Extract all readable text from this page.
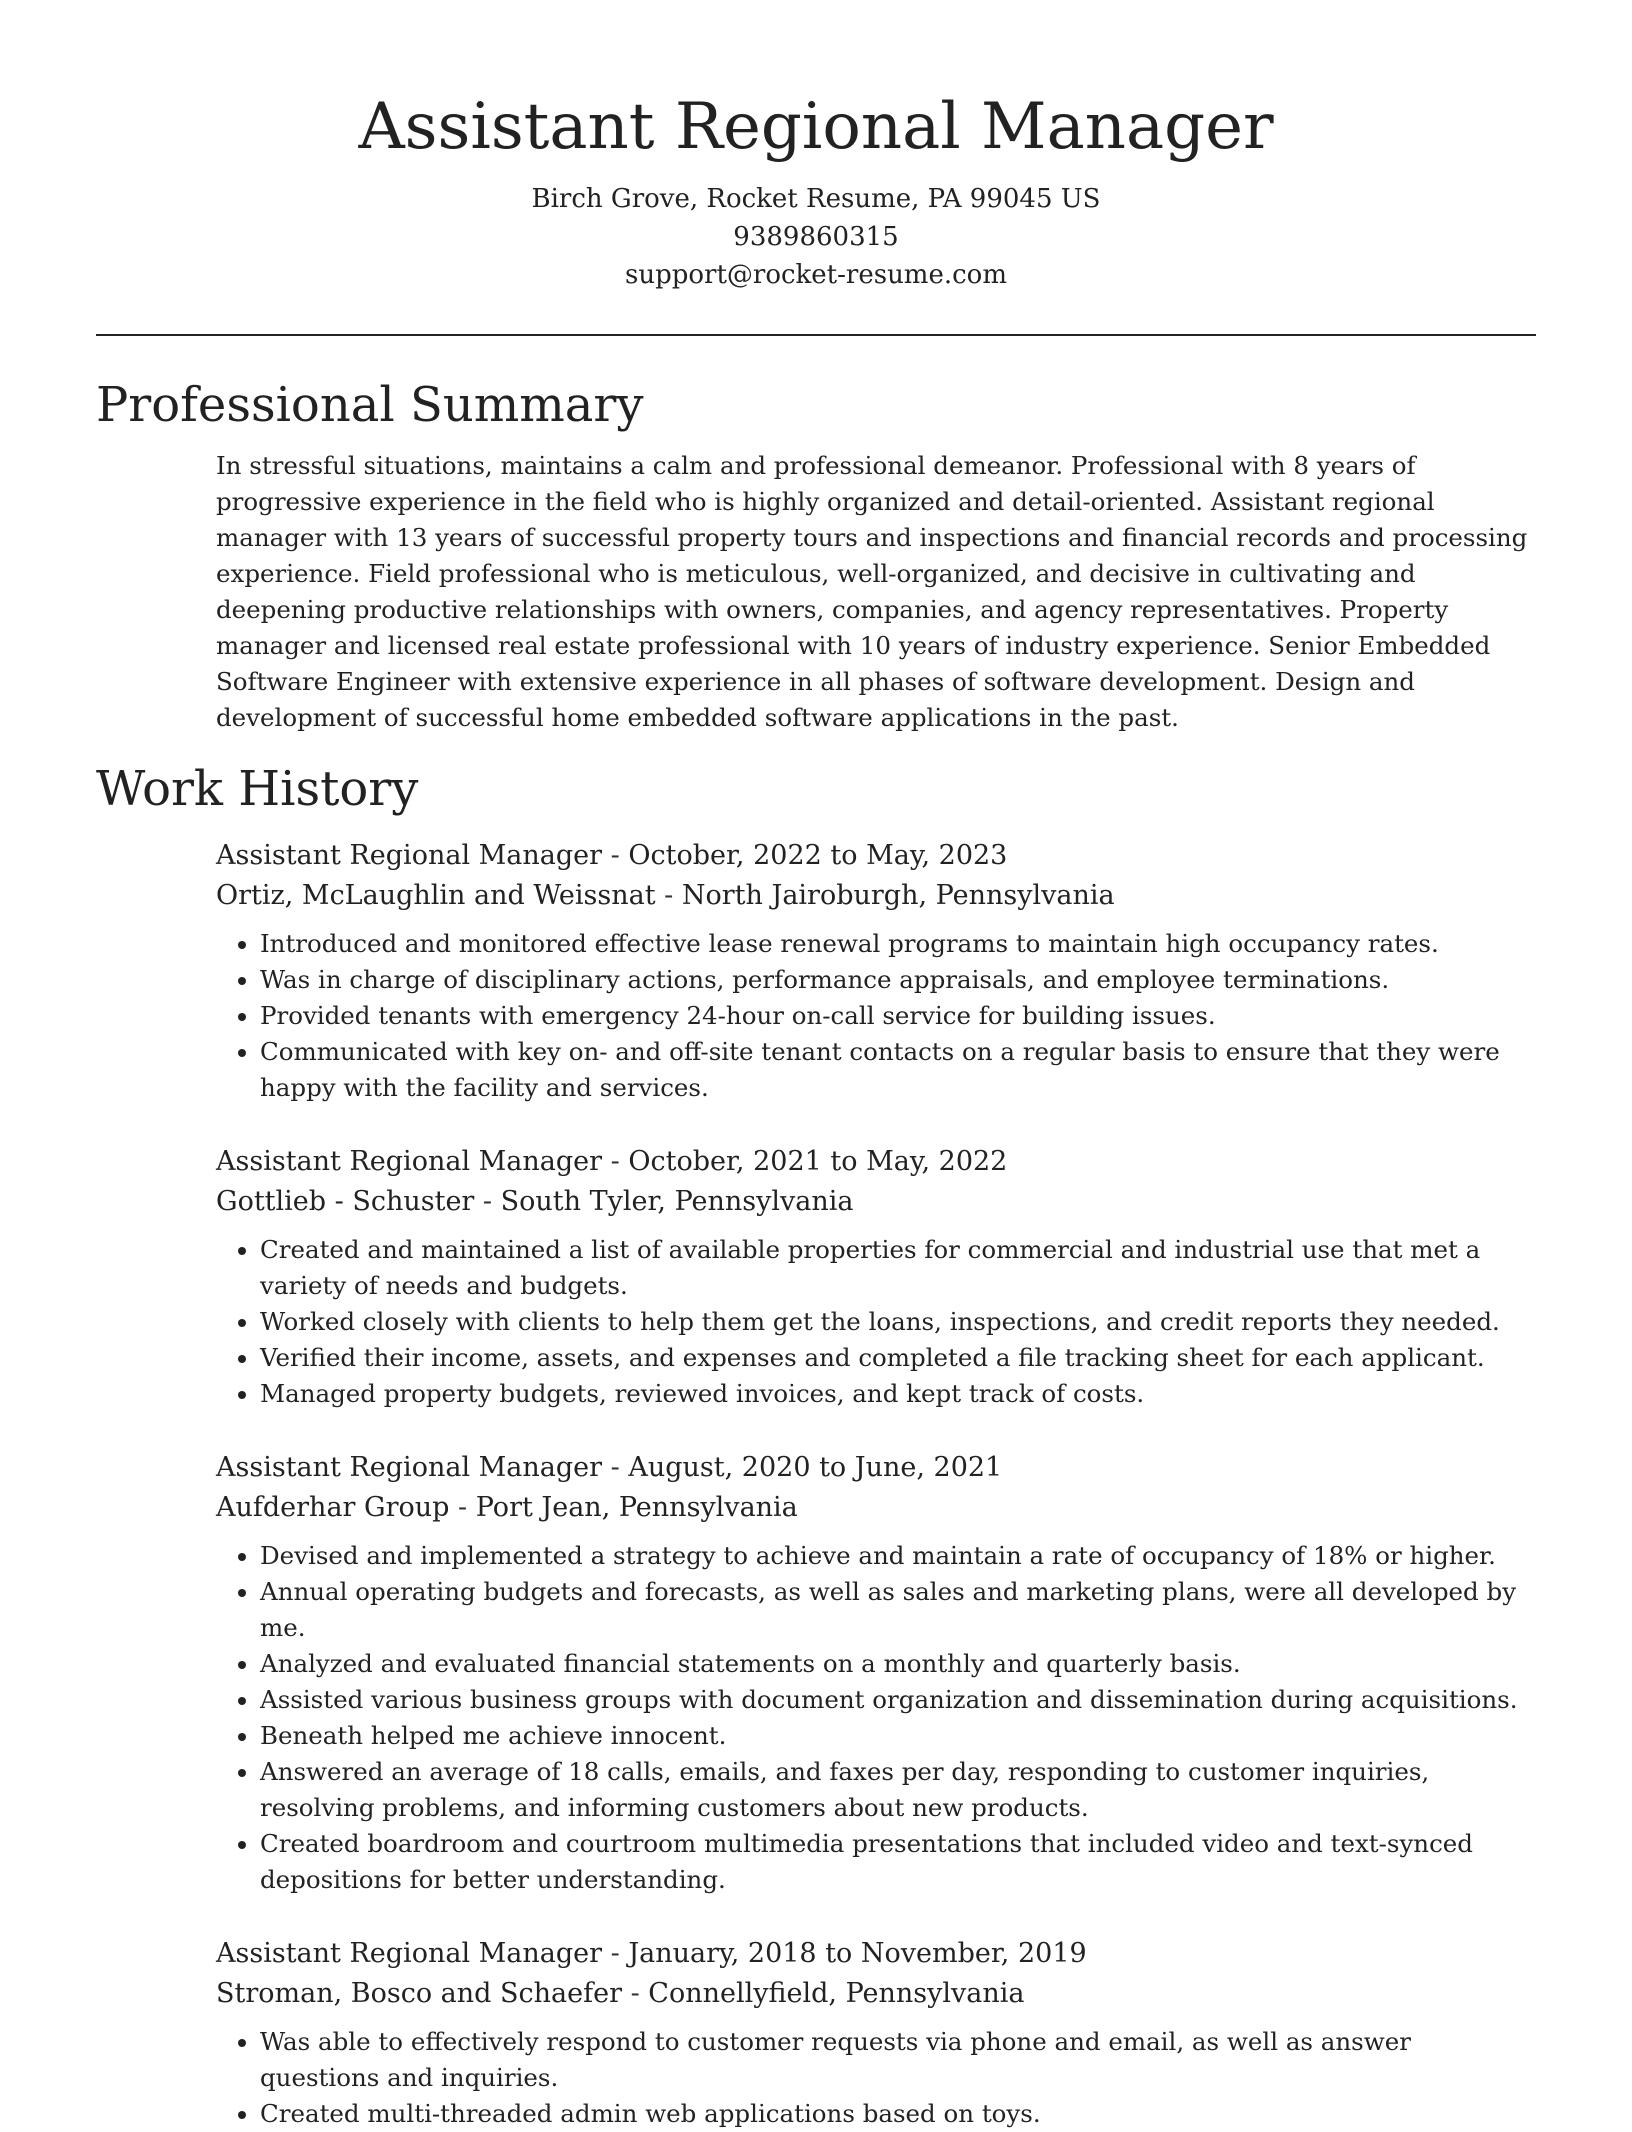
Assistant Regional Manager

Birch Grove, Rocket Resume, PA 99045 US

9389860315

support@rocket-resume.com

Professional Summary

In stressful situations, maintains a calm and professional demeanor. Professional with 8 years of progressive experience in the field who is highly organized and detail-oriented. Assistant regional manager with 13 years of successful property tours and inspections and financial records and processing experience. Field professional who is meticulous, well-organized, and decisive in cultivating and deepening productive relationships with owners, companies, and agency representatives. Property manager and licensed real estate professional with 10 years of industry experience. Senior Embedded Software Engineer with extensive experience in all phases of software development. Design and development of successful home embedded software applications in the past.

Work History

Assistant Regional Manager - October, 2022 to May, 2023

Ortiz, McLaughlin and Weissnat - North Jairoburgh, Pennsylvania

• Introduced and monitored effective lease renewal programs to maintain high occupancy rates.
• Was in charge of disciplinary actions, performance appraisals, and employee terminations.
• Provided tenants with emergency 24-hour on-call service for building issues.
• Communicated with key on- and off-site tenant contacts on a regular basis to ensure that they were happy with the facility and services.

Assistant Regional Manager - October, 2021 to May, 2022

Gottlieb - Schuster - South Tyler, Pennsylvania

• Created and maintained a list of available properties for commercial and industrial use that met a variety of needs and budgets.
• Worked closely with clients to help them get the loans, inspections, and credit reports they needed.
• Verified their income, assets, and expenses and completed a file tracking sheet for each applicant.
• Managed property budgets, reviewed invoices, and kept track of costs.

Assistant Regional Manager - August, 2020 to June, 2021

Aufderhar Group - Port Jean, Pennsylvania

• Devised and implemented a strategy to achieve and maintain a rate of occupancy of 18% or higher.
• Annual operating budgets and forecasts, as well as sales and marketing plans, were all developed by me.
• Analyzed and evaluated financial statements on a monthly and quarterly basis.
• Assisted various business groups with document organization and dissemination during acquisitions.
• Beneath helped me achieve innocent.
• Answered an average of 18 calls, emails, and faxes per day, responding to customer inquiries, resolving problems, and informing customers about new products.
• Created boardroom and courtroom multimedia presentations that included video and text-synced depositions for better understanding.

Assistant Regional Manager - January, 2018 to November, 2019

Stroman, Bosco and Schaefer - Connellyfield, Pennsylvania

• Was able to effectively respond to customer requests via phone and email, as well as answer questions and inquiries.
• Created multi-threaded admin web applications based on toys.
